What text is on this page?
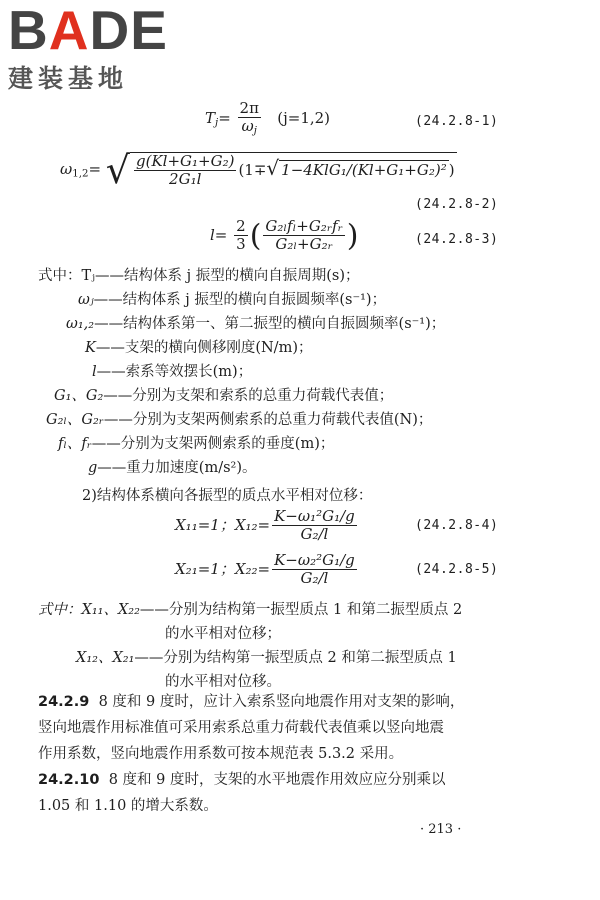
BADE
建装基地
$T_j= \frac{2\pi}{\omega_j} (j=1,2)$	(24.2.8-1)
$\omega_{1,2}=$ √ $\frac{\text{g(Kl+G₁+G₂)}}{\text{2G₁l}} (1\mp√$ 1−4KlG₁/(Kl+G₁+G₂)² )
(24.2.8-2)
$l= \frac{2}{3}$ ( $\frac{\text{G₂ₗfₗ+G₂ᵣfᵣ}}{\text{G₂ₗ+G₂ᵣ}}$ )	(24.2.8-3)
式中：Tⱼ——结构体系 j 振型的横向自振周期(s)；
ωⱼ——结构体系 j 振型的横向自振圆频率(s⁻¹)；
ω₁,₂——结构体系第一、第二振型的横向自振圆频率(s⁻¹)；
K——支架的横向侧移刚度(N/m)；
l——索系等效摆长(m)；
G₁、G₂——分别为支架和索系的总重力荷载代表值；
G₂ₗ、G₂ᵣ——分别为支架两侧索系的总重力荷载代表值(N)；
fₗ、fᵣ——分别为支架两侧索系的垂度(m)；
g——重力加速度(m/s²)。
2)结构体系横向各振型的质点水平相对位移：
X₁₁=1；$X_{12}= \frac{\text{K−ω₁²G₁/g}}{\text{G₂/l}}$	(24.2.8-4)
X₂₁=1；$X_{22}= \frac{\text{K−ω₂²G₁/g}}{\text{G₂/l}}$	(24.2.8-5)
式中：X₁₁、X₂₂——分别为结构第一振型质点 1 和第二振型质点 2
的水平相对位移；
X₁₂、X₂₁——分别为结构第一振型质点 2 和第二振型质点 1
的水平相对位移。
24.2.9 8 度和 9 度时，应计入索系竖向地震作用对支架的影响，
竖向地震作用标准值可采用索系总重力荷载代表值乘以竖向地震
作用系数，竖向地震作用系数可按本规范表 5.3.2 采用。
24.2.10 8 度和 9 度时，支架的水平地震作用效应应分别乘以
1.05 和 1.10 的增大系数。
· 213 ·
